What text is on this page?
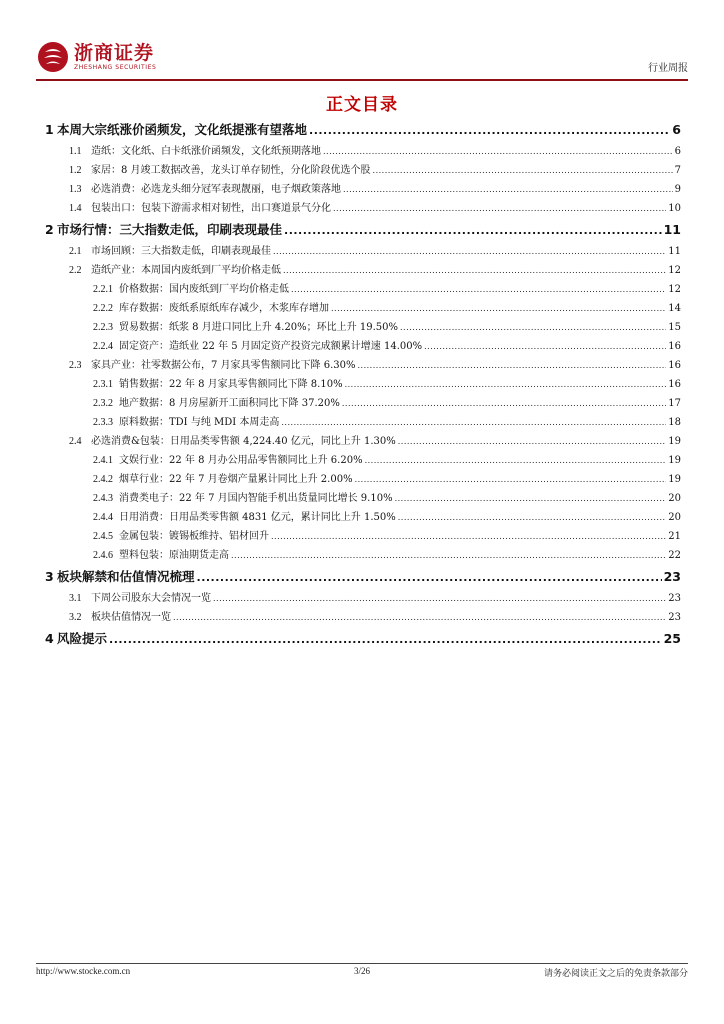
浙商证券
ZHESHANG SECURITIES	行业周报
正文目录
1 本周大宗纸涨价函频发，文化纸提涨有望落地 .....	6
1.1 造纸：文化纸、白卡纸涨价函频发，文化纸预期落地 .....	6
1.2 家居：8 月竣工数据改善，龙头订单存韧性，分化阶段优选个股 .....	7
1.3 必选消费：必选龙头细分冠军表现靓丽，电子烟政策落地 .....	9
1.4 包装出口：包装下游需求相对韧性，出口赛道景气分化 .....	10
2 市场行情：三大指数走低，印刷表现最佳 .....	11
2.1 市场回顾：三大指数走低，印刷表现最佳 .....	11
2.2 造纸产业：本周国内废纸到厂平均价格走低 .....	12
2.2.1 价格数据：国内废纸到厂平均价格走低 .....	12
2.2.2 库存数据：废纸系原纸库存减少，木浆库存增加 .....	14
2.2.3 贸易数据：纸浆 8 月进口同比上升 4.20%；环比上升 19.50% .....	15
2.2.4 固定资产：造纸业 22 年 5 月固定资产投资完成额累计增速 14.00% .....	16
2.3 家具产业：社零数据公布，7 月家具零售额同比下降 6.30% .....	16
2.3.1 销售数据：22 年 8 月家具零售额同比下降 8.10% .....	16
2.3.2 地产数据：8 月房屋新开工面积同比下降 37.20% .....	17
2.3.3 原料数据：TDI 与纯 MDI 本周走高 .....	18
2.4 必选消费&包装：日用品类零售额 4,224.40 亿元，同比上升 1.30% .....	19
2.4.1 文娱行业：22 年 8 月办公用品零售额同比上升 6.20% .....	19
2.4.2 烟草行业：22 年 7 月卷烟产量累计同比上升 2.00% .....	19
2.4.3 消费类电子：22 年 7 月国内智能手机出货量同比增长 9.10% .....	20
2.4.4 日用消费：日用品类零售额 4831 亿元，累计同比上升 1.50% .....	20
2.4.5 金属包装：镀锡板维持、铝材回升 .....	21
2.4.6 塑料包装：原油期货走高 .....	22
3 板块解禁和估值情况梳理 .....	23
3.1 下周公司股东大会情况一览 .....	23
3.2 板块估值情况一览 .....	23
4 风险提示 .....	25
http://www.stocke.com.cn	3/26	请务必阅读正文之后的免责条款部分
